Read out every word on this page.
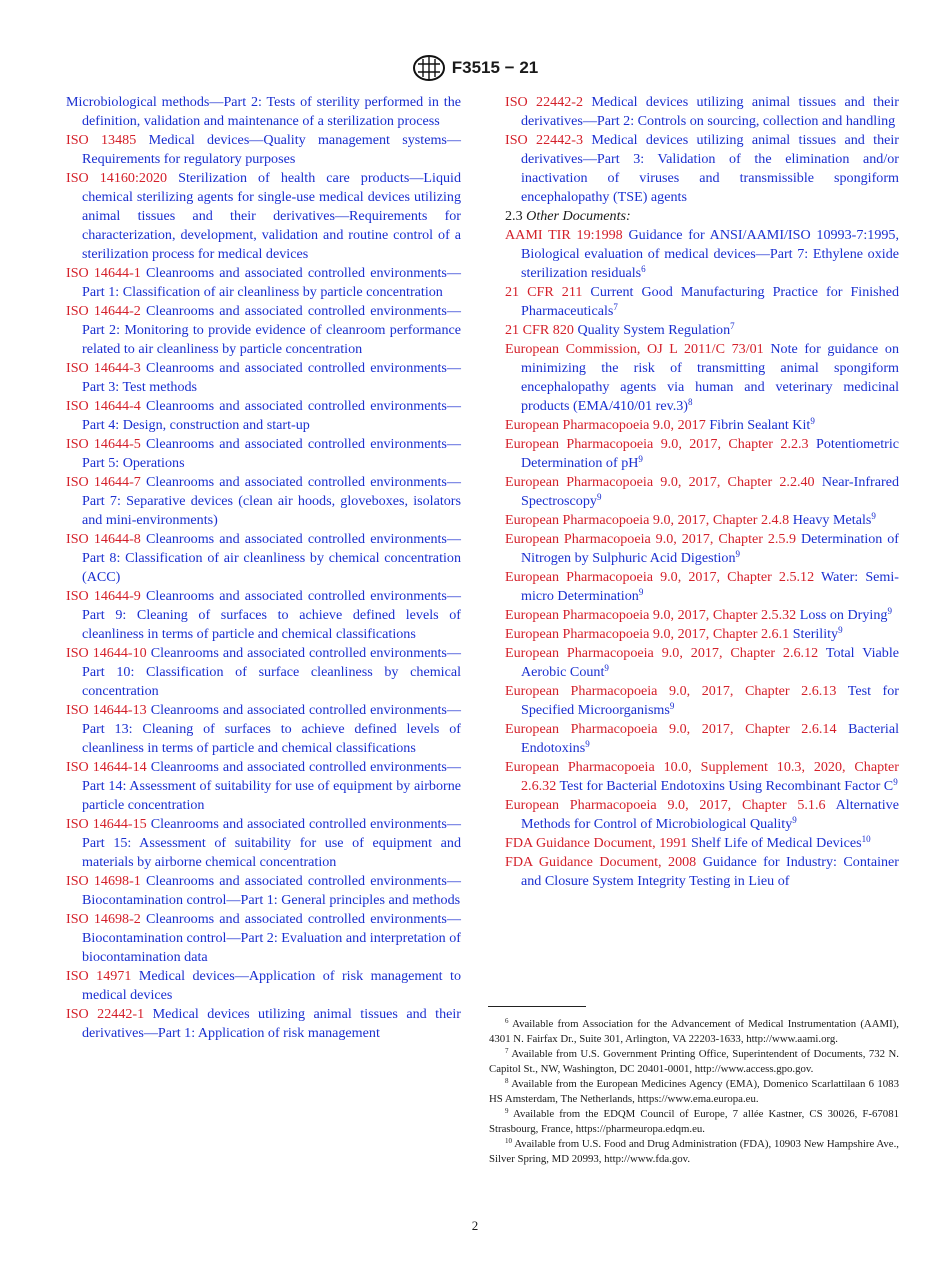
F3515 − 21

Microbiological methods—Part 2: Tests of sterility performed in the definition, validation and maintenance of a sterilization process

ISO 13485 Medical devices—Quality management systems—Requirements for regulatory purposes

ISO 14160:2020 Sterilization of health care products—Liquid chemical sterilizing agents for single-use medical devices utilizing animal tissues and their derivatives—Requirements for characterization, development, validation and routine control of a sterilization process for medical devices

ISO 14644-1 Cleanrooms and associated controlled environments—Part 1: Classification of air cleanliness by particle concentration

ISO 14644-2 Cleanrooms and associated controlled environments—Part 2: Monitoring to provide evidence of cleanroom performance related to air cleanliness by particle concentration

ISO 14644-3 Cleanrooms and associated controlled environments—Part 3: Test methods

ISO 14644-4 Cleanrooms and associated controlled environments—Part 4: Design, construction and start-up

ISO 14644-5 Cleanrooms and associated controlled environments—Part 5: Operations

ISO 14644-7 Cleanrooms and associated controlled environments—Part 7: Separative devices (clean air hoods, gloveboxes, isolators and mini-environments)

ISO 14644-8 Cleanrooms and associated controlled environments—Part 8: Classification of air cleanliness by chemical concentration (ACC)

ISO 14644-9 Cleanrooms and associated controlled environments—Part 9: Cleaning of surfaces to achieve defined levels of cleanliness in terms of particle and chemical classifications

ISO 14644-10 Cleanrooms and associated controlled environments—Part 10: Classification of surface cleanliness by chemical concentration

ISO 14644-13 Cleanrooms and associated controlled environments—Part 13: Cleaning of surfaces to achieve defined levels of cleanliness in terms of particle and chemical classifications

ISO 14644-14 Cleanrooms and associated controlled environments—Part 14: Assessment of suitability for use of equipment by airborne particle concentration

ISO 14644-15 Cleanrooms and associated controlled environments—Part 15: Assessment of suitability for use of equipment and materials by airborne chemical concentration

ISO 14698-1 Cleanrooms and associated controlled environments—Biocontamination control—Part 1: General principles and methods

ISO 14698-2 Cleanrooms and associated controlled environments—Biocontamination control—Part 2: Evaluation and interpretation of biocontamination data

ISO 14971 Medical devices—Application of risk management to medical devices

ISO 22442-1 Medical devices utilizing animal tissues and their derivatives—Part 1: Application of risk management

ISO 22442-2 Medical devices utilizing animal tissues and their derivatives—Part 2: Controls on sourcing, collection and handling

ISO 22442-3 Medical devices utilizing animal tissues and their derivatives—Part 3: Validation of the elimination and/or inactivation of viruses and transmissible spongiform encephalopathy (TSE) agents

2.3 Other Documents:

AAMI TIR 19:1998 Guidance for ANSI/AAMI/ISO 10993-7:1995, Biological evaluation of medical devices—Part 7: Ethylene oxide sterilization residuals$^6$

21 CFR 211 Current Good Manufacturing Practice for Finished Pharmaceuticals$^7$

21 CFR 820 Quality System Regulation$^7$

European Commission, OJ L 2011/C 73/01 Note for guidance on minimizing the risk of transmitting animal spongiform encephalopathy agents via human and veterinary medicinal products (EMA/410/01 rev.3)$^8$

European Pharmacopoeia 9.0, 2017 Fibrin Sealant Kit$^9$

European Pharmacopoeia 9.0, 2017, Chapter 2.2.3 Potentiometric Determination of $pH^9$

European Pharmacopoeia 9.0, 2017, Chapter 2.2.40 Near-Infrared Spectroscopy$^9$

European Pharmacopoeia 9.0, 2017, Chapter 2.4.8 Heavy Metals$^9$

European Pharmacopoeia 9.0, 2017, Chapter 2.5.9 Determination of Nitrogen by Sulphuric Acid Digestion$^9$

European Pharmacopoeia 9.0, 2017, Chapter 2.5.12 Water: Semi-micro Determination$^9$

European Pharmacopoeia 9.0, 2017, Chapter 2.5.32 Loss on Drying$^9$

European Pharmacopoeia 9.0, 2017, Chapter 2.6.1 Sterility$^9$

European Pharmacopoeia 9.0, 2017, Chapter 2.6.12 Total Viable Aerobic Count$^9$

European Pharmacopoeia 9.0, 2017, Chapter 2.6.13 Test for Specified Microorganisms$^9$

European Pharmacopoeia 9.0, 2017, Chapter 2.6.14 Bacterial Endotoxins$^9$

European Pharmacopoeia 10.0, Supplement 10.3, 2020, Chapter 2.6.32 Test for Bacterial Endotoxins Using Recombinant Factor $C^9$

European Pharmacopoeia 9.0, 2017, Chapter 5.1.6 Alternative Methods for Control of Microbiological Quality$^9$

FDA Guidance Document, 1991 Shelf Life of Medical Devices$^{10}$

FDA Guidance Document, 2008 Guidance for Industry: Container and Closure System Integrity Testing in Lieu of

$^6$ Available from Association for the Advancement of Medical Instrumentation (AAMI), 4301 N. Fairfax Dr., Suite 301, Arlington, VA 22203-1633, http://www.aami.org.

$^7$ Available from U.S. Government Printing Office, Superintendent of Documents, 732 N. Capitol St., NW, Washington, DC 20401-0001, http://www.access.gpo.gov.

$^8$ Available from the European Medicines Agency (EMA), Domenico Scarlattilaan 6 1083 HS Amsterdam, The Netherlands, https://www.ema.europa.eu.

$^9$ Available from the EDQM Council of Europe, 7 allée Kastner, CS 30026, F-67081 Strasbourg, France, https://pharmeuropa.edqm.eu.

$^{10}$ Available from U.S. Food and Drug Administration (FDA), 10903 New Hampshire Ave., Silver Spring, MD 20993, http://www.fda.gov.

2
